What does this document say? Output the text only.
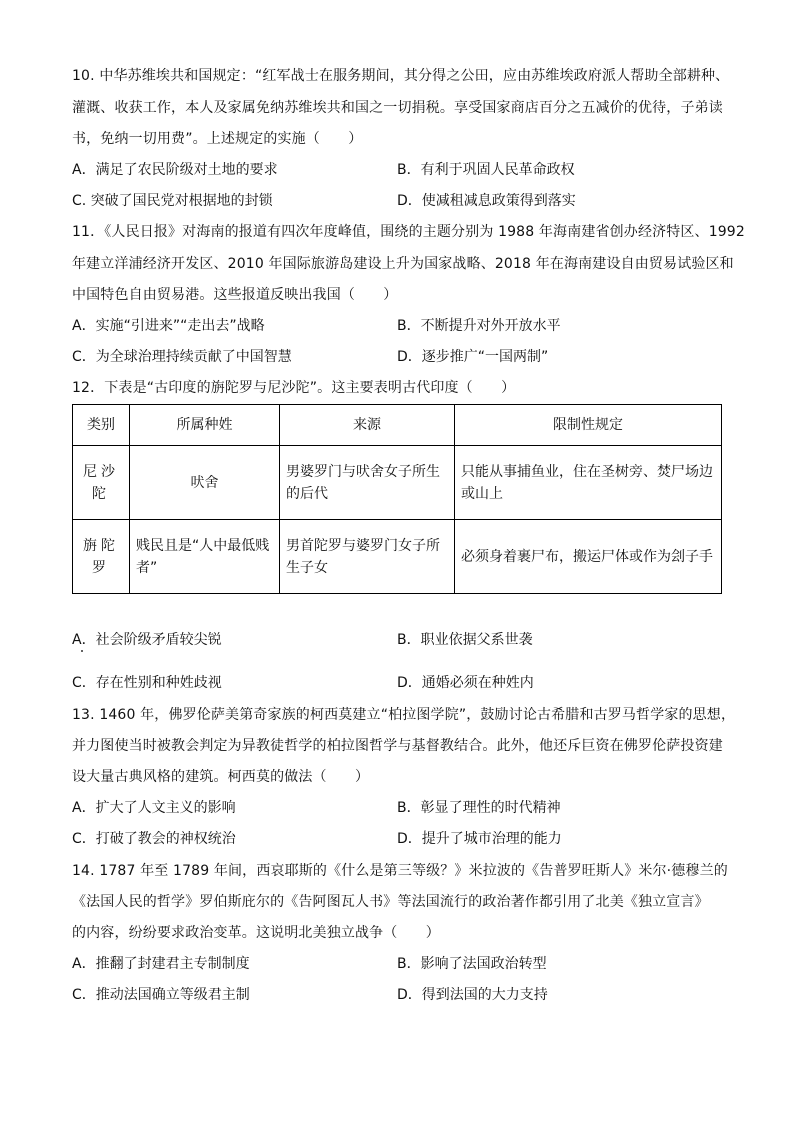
10. 中华苏维埃共和国规定：“红军战士在服务期间，其分得之公田，应由苏维埃政府派人帮助全部耕种、
灌溉、收获工作，本人及家属免纳苏维埃共和国之一切捐税。享受国家商店百分之五减价的优待，子弟读
书，免纳一切用费”。上述规定的实施（　　）
A．满足了农民阶级对土地的要求	B．有利于巩固人民革命政权
C. 突破了国民党对根据地的封锁	D．使减租减息政策得到落实
11．《人民日报》对海南的报道有四次年度峰值，围绕的主题分别为 1988 年海南建省创办经济特区、1992
年建立洋浦经济开发区、2010 年国际旅游岛建设上升为国家战略、2018 年在海南建设自由贸易试验区和
中国特色自由贸易港。这些报道反映出我国（　　）
A．实施“引进来”“走出去”战略	B．不断提升对外开放水平
C．为全球治理持续贡献了中国智慧	D．逐步推广“一国两制”
12．下表是“古印度的旃陀罗与尼沙陀”。这主要表明古代印度（　　）
类别	所属种姓	来源	限制性规定
尼沙陀	吠舍	男婆罗门与吠舍女子所生的后代	只能从事捕鱼业，住在圣树旁、焚尸场边或山上
旃陀罗	贱民且是“人中最低贱者”	男首陀罗与婆罗门女子所生子女	必须身着裹尸布，搬运尸体或作为刽子手
A．社会阶级矛盾较尖锐	B．职业依据父系世袭
C．存在性别和种姓歧视	D．通婚必须在种姓内
13. 1460 年，佛罗伦萨美第奇家族的柯西莫建立“柏拉图学院”，鼓励讨论古希腊和古罗马哲学家的思想，
并力图使当时被教会判定为异教徒哲学的柏拉图哲学与基督教结合。此外，他还斥巨资在佛罗伦萨投资建
设大量古典风格的建筑。柯西莫的做法（　　）
A．扩大了人文主义的影响	B．彰显了理性的时代精神
C．打破了教会的神权统治	D．提升了城市治理的能力
14. 1787 年至 1789 年间，西哀耶斯的《什么是第三等级？》米拉波的《告普罗旺斯人》米尔·德穆兰的
《法国人民的哲学》罗伯斯庇尔的《告阿图瓦人书》等法国流行的政治著作都引用了北美《独立宣言》
的内容，纷纷要求政治变革。这说明北美独立战争（　　）
A．推翻了封建君主专制制度	B．影响了法国政治转型
C．推动法国确立等级君主制	D．得到法国的大力支持
